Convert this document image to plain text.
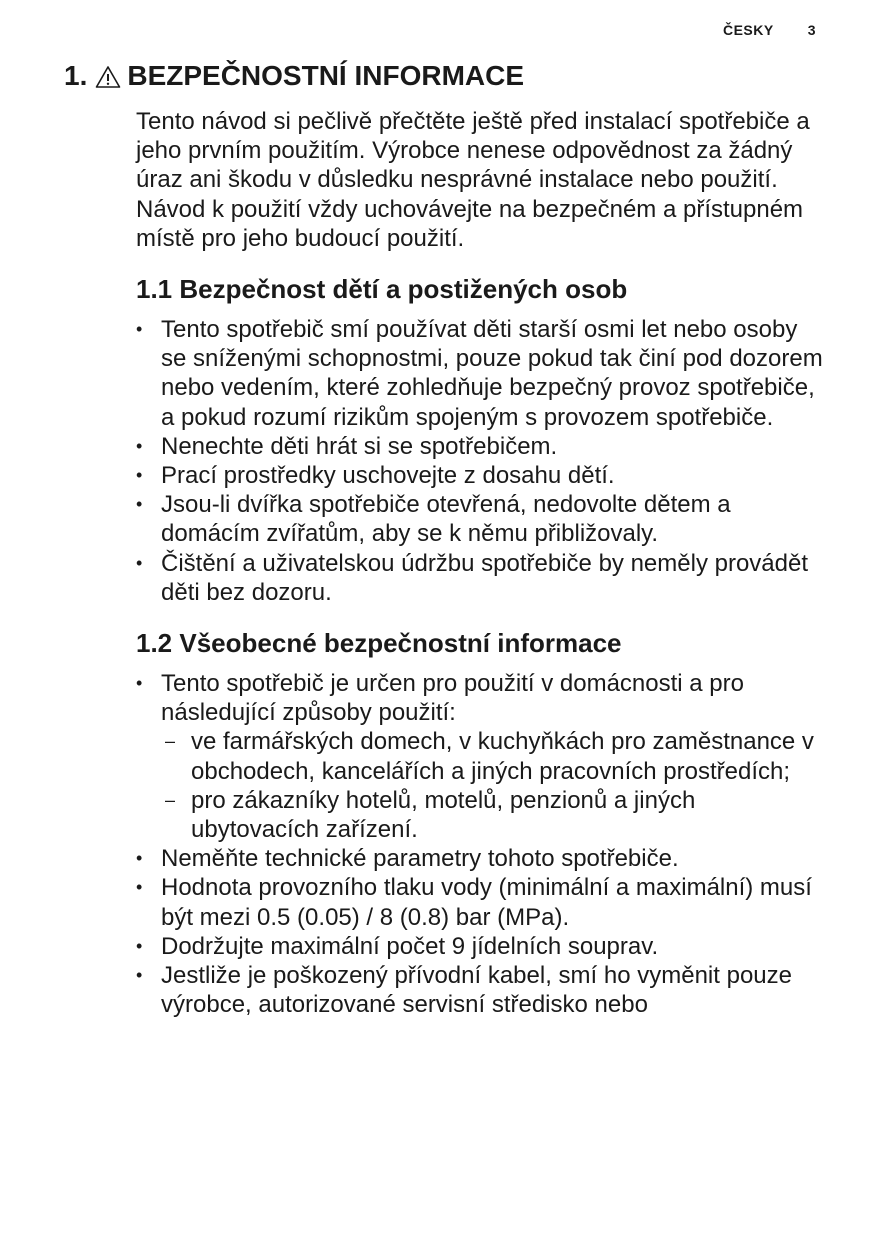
ČESKY 3
1. BEZPEČNOSTNÍ INFORMACE

Tento návod si pečlivě přečtěte ještě před instalací spotřebiče a jeho prvním použitím. Výrobce nenese odpovědnost za žádný úraz ani škodu v důsledku nesprávné instalace nebo použití. Návod k použití vždy uchovávejte na bezpečném a přístupném místě pro jeho budoucí použití.

1.1 Bezpečnost dětí a postižených osob
• Tento spotřebič smí používat děti starší osmi let nebo osoby se sníženými schopnostmi, pouze pokud tak činí pod dozorem nebo vedením, které zohledňuje bezpečný provoz spotřebiče, a pokud rozumí rizikům spojeným s provozem spotřebiče.
• Nenechte děti hrát si se spotřebičem.
• Prací prostředky uschovejte z dosahu dětí.
• Jsou-li dvířka spotřebiče otevřená, nedovolte dětem a domácím zvířatům, aby se k němu přibližovaly.
• Čištění a uživatelskou údržbu spotřebiče by neměly provádět děti bez dozoru.
1.2 Všeobecné bezpečnostní informace
• Tento spotřebič je určen pro použití v domácnosti a pro následující způsoby použití:
– ve farmářských domech, v kuchyňkách pro zaměstnance v obchodech, kancelářích a jiných pracovních prostředích;
– pro zákazníky hotelů, motelů, penzionů a jiných ubytovacích zařízení.
• Neměňte technické parametry tohoto spotřebiče.
• Hodnota provozního tlaku vody (minimální a maximální) musí být mezi 0.5 (0.05) / 8 (0.8) bar (MPa).
• Dodržujte maximální počet 9 jídelních souprav.
• Jestliže je poškozený přívodní kabel, smí ho vyměnit pouze výrobce, autorizované servisní středisko nebo
